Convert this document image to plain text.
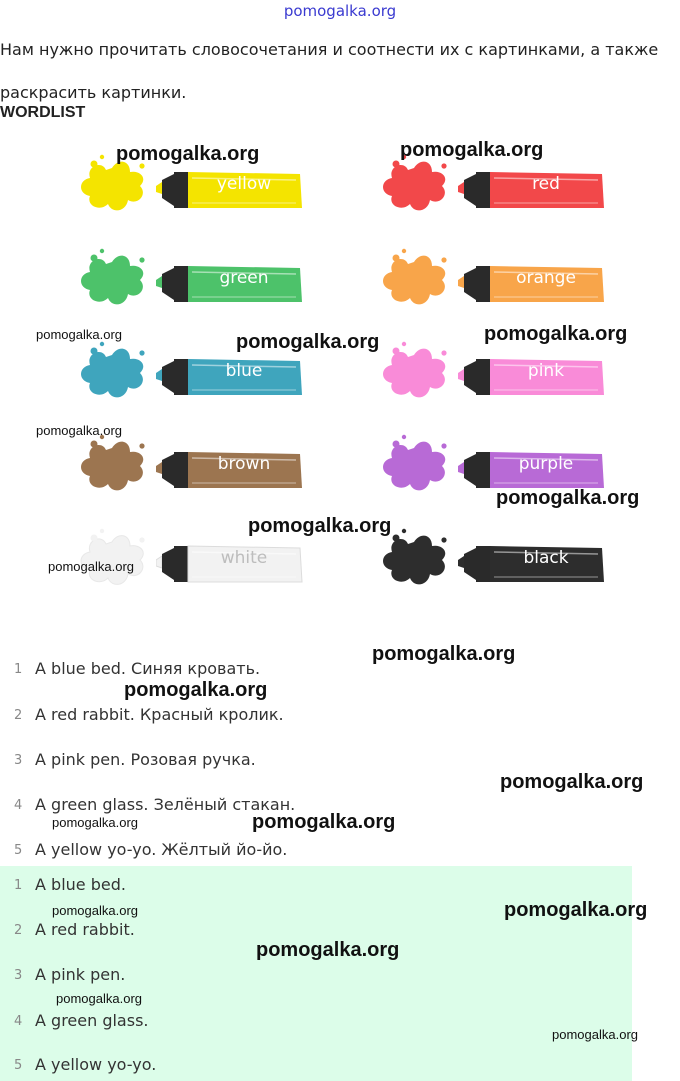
pomogalka.org
Нам нужно прочитать словосочетания и соотнести их с картинками, а также раскрасить картинки.
WORDLIST
yellow	red
green	orange
blue	pink
brown	purple
white	black
1 A blue bed. Синяя кровать.
2 A red rabbit. Красный кролик.
3 A pink pen. Розовая ручка.
4 A green glass. Зелёный стакан.
5 A yellow yo-yo. Жёлтый йо-йо.
1 A blue bed.
2 A red rabbit.
3 A pink pen.
4 A green glass.
5 A yellow yo-yo.
pomogalka.org	pomogalka.org
pomogalka.org	pomogalka.org	pomogalka.org
pomogalka.org
pomogalka.org
pomogalka.org
pomogalka.org
pomogalka.org
pomogalka.org
pomogalka.org
pomogalka.org	pomogalka.org
pomogalka.org	pomogalka.org
pomogalka.org
pomogalka.org
pomogalka.org
